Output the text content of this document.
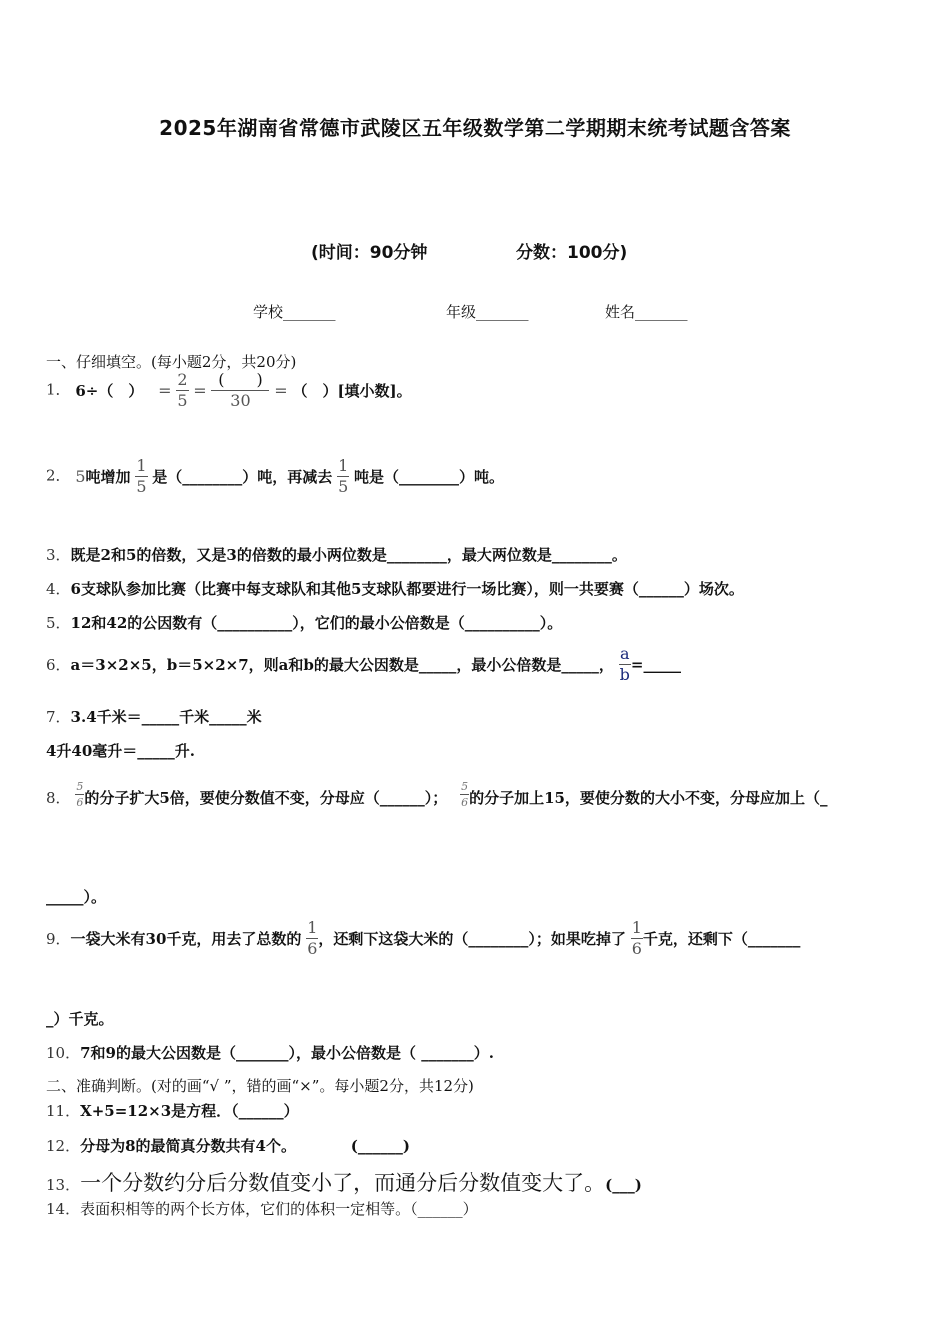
2025年湖南省常德市武陵区五年级数学第二学期期末统考试题含答案
(时间：90分钟	分数：100分)
学校_______	年级_______	姓名_______
一、仔细填空。(每小题2分，共20分)
1． 6÷（　） = $\frac{2}{5} = \frac{( )}{30}$ = （　）[填小数]。
2． 5吨增加 $\frac{1}{5}$ 是（________）吨，再减去 $\frac{1}{5}$ 吨是（________）吨。
3．既是2和5的倍数，又是3的倍数的最小两位数是________，最大两位数是________。
4．6支球队参加比赛（比赛中每支球队和其他5支球队都要进行一场比赛），则一共要赛（______）场次。
5．12和42的公因数有（__________），它们的最小公倍数是（__________）。
6．a＝3×2×5，b＝5×2×7，则a和b的最大公因数是_____，最小公倍数是_____， $\frac{a}{b}$ =_____
7．3.4千米＝_____千米_____米
4升40毫升＝_____升.
8． $\frac{5}{6}$ 的分子扩大5倍，要使分数值不变，分母应（______）； $\frac{5}{6}$ 的分子加上15，要使分数的大小不变，分母应加上（_
_____）。
9．一袋大米有30千克，用去了总数的 $\frac{1}{6}$ ，还剩下这袋大米的（________）；如果吃掉了 $\frac{1}{6}$ 千克，还剩下（_______
_）千克。
10．7和9的最大公因数是（_______），最小公倍数是（ _______）.
二、准确判断。(对的画“√ ”，错的画“×”。每小题2分，共12分)
11．X+5=12×3是方程．（______）
12．分母为8的最简真分数共有4个。	(______)
13．一个分数约分后分数值变小了，而通分后分数值变大了。(___)
14．表面积相等的两个长方体，它们的体积一定相等。（______）
